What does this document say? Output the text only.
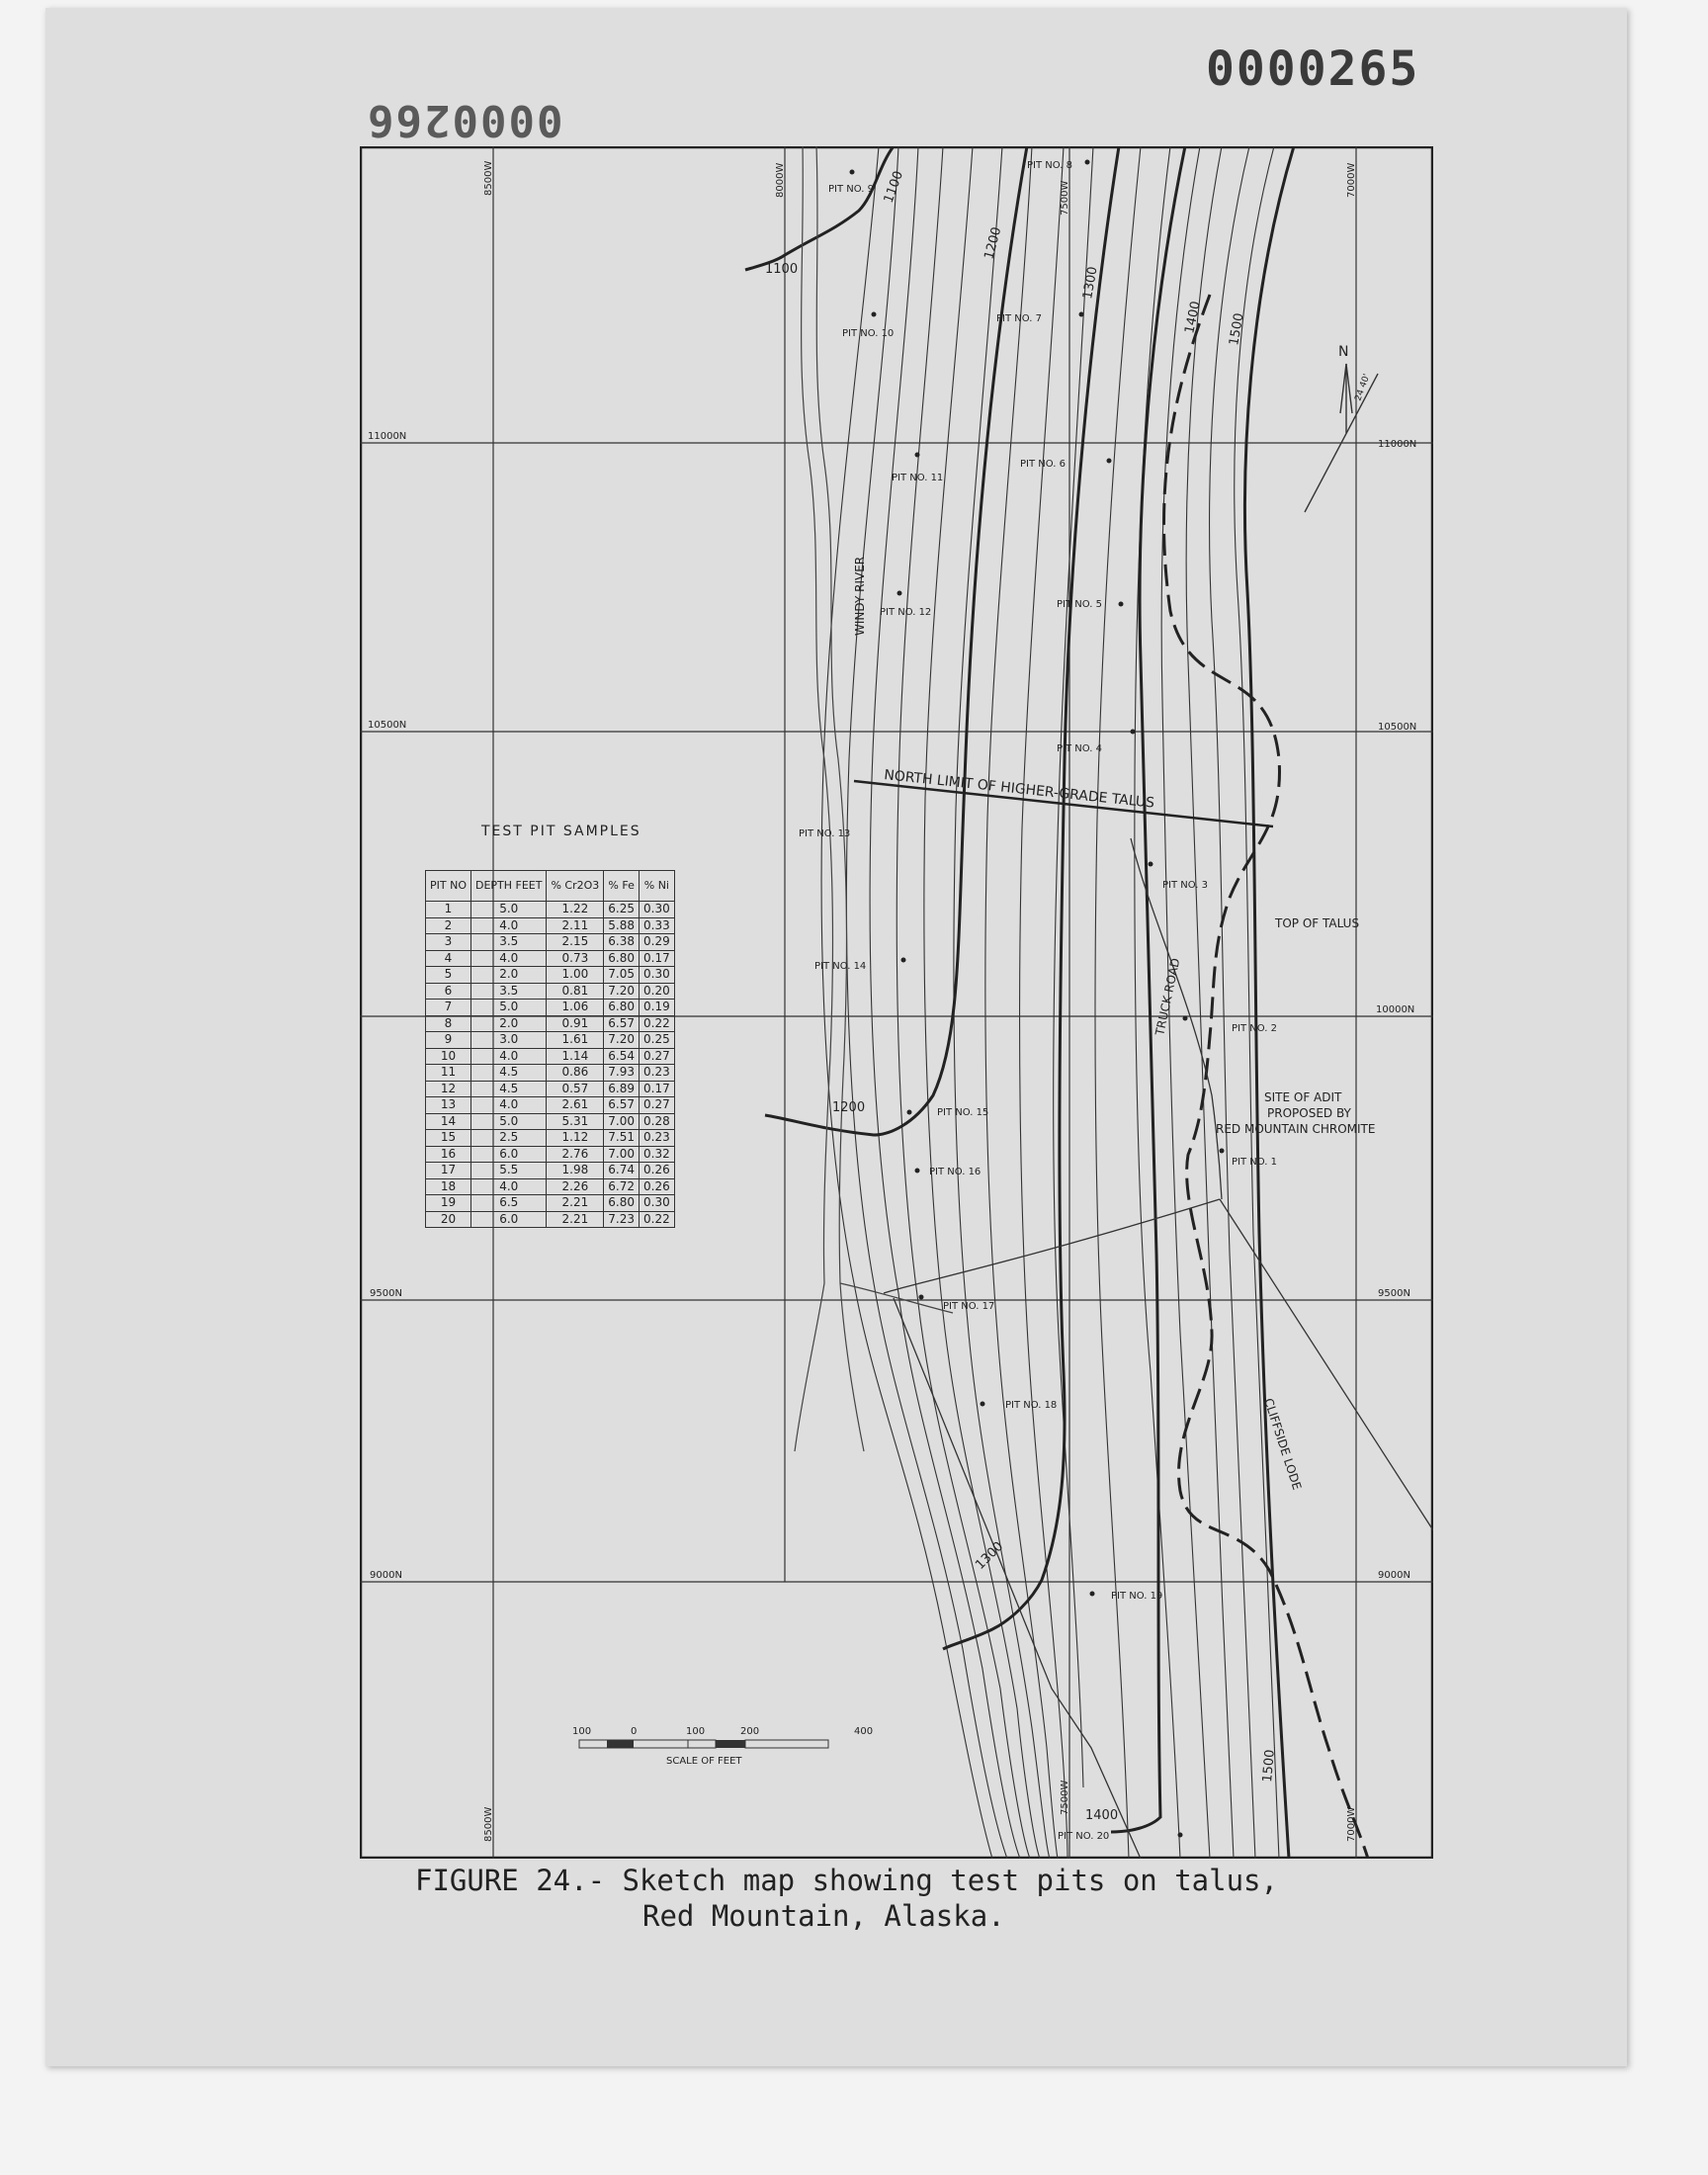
0000265
0000266
11000N
11000N
10500N	10500N
10000N
9500N	9500N
9000N	9000N
8500W
8500W
8000W
7500W
7500W
7000W
7000W
N
24 40'
1100
1100
1200
1200
1300
1300
1400
1400
1500
1500
WINDY RIVER
NORTH LIMIT OF HIGHER-GRADE TALUS
TOP OF TALUS
TRUCK ROAD
SITE OF ADIT
PROPOSED BY
RED MOUNTAIN CHROMITE
CLIFFSIDE LODE
PIT NO. 1
PIT NO. 2
PIT NO. 3
PIT NO. 4
PIT NO. 5
PIT NO. 6
PIT NO. 7
PIT NO. 8
PIT NO. 9
PIT NO. 10
PIT NO. 11
PIT NO. 12
PIT NO. 13
PIT NO. 14
PIT NO. 15
PIT NO. 16
PIT NO. 17
PIT NO. 18
PIT NO. 19
PIT NO. 20
100	0	100	200	400
SCALE OF FEET
TEST PIT SAMPLES
PIT NO	DEPTH FEET	% Cr2O3	% Fe	% Ni
1	5.0	1.22	6.25	0.30
2	4.0	2.11	5.88	0.33
3	3.5	2.15	6.38	0.29
4	4.0	0.73	6.80	0.17
5	2.0	1.00	7.05	0.30
6	3.5	0.81	7.20	0.20
7	5.0	1.06	6.80	0.19
8	2.0	0.91	6.57	0.22
9	3.0	1.61	7.20	0.25
10	4.0	1.14	6.54	0.27
11	4.5	0.86	7.93	0.23
12	4.5	0.57	6.89	0.17
13	4.0	2.61	6.57	0.27
14	5.0	5.31	7.00	0.28
15	2.5	1.12	7.51	0.23
16	6.0	2.76	7.00	0.32
17	5.5	1.98	6.74	0.26
18	4.0	2.26	6.72	0.26
19	6.5	2.21	6.80	0.30
20	6.0	2.21	7.23	0.22
FIGURE 24.- Sketch map showing test pits on talus,
Red Mountain, Alaska.
